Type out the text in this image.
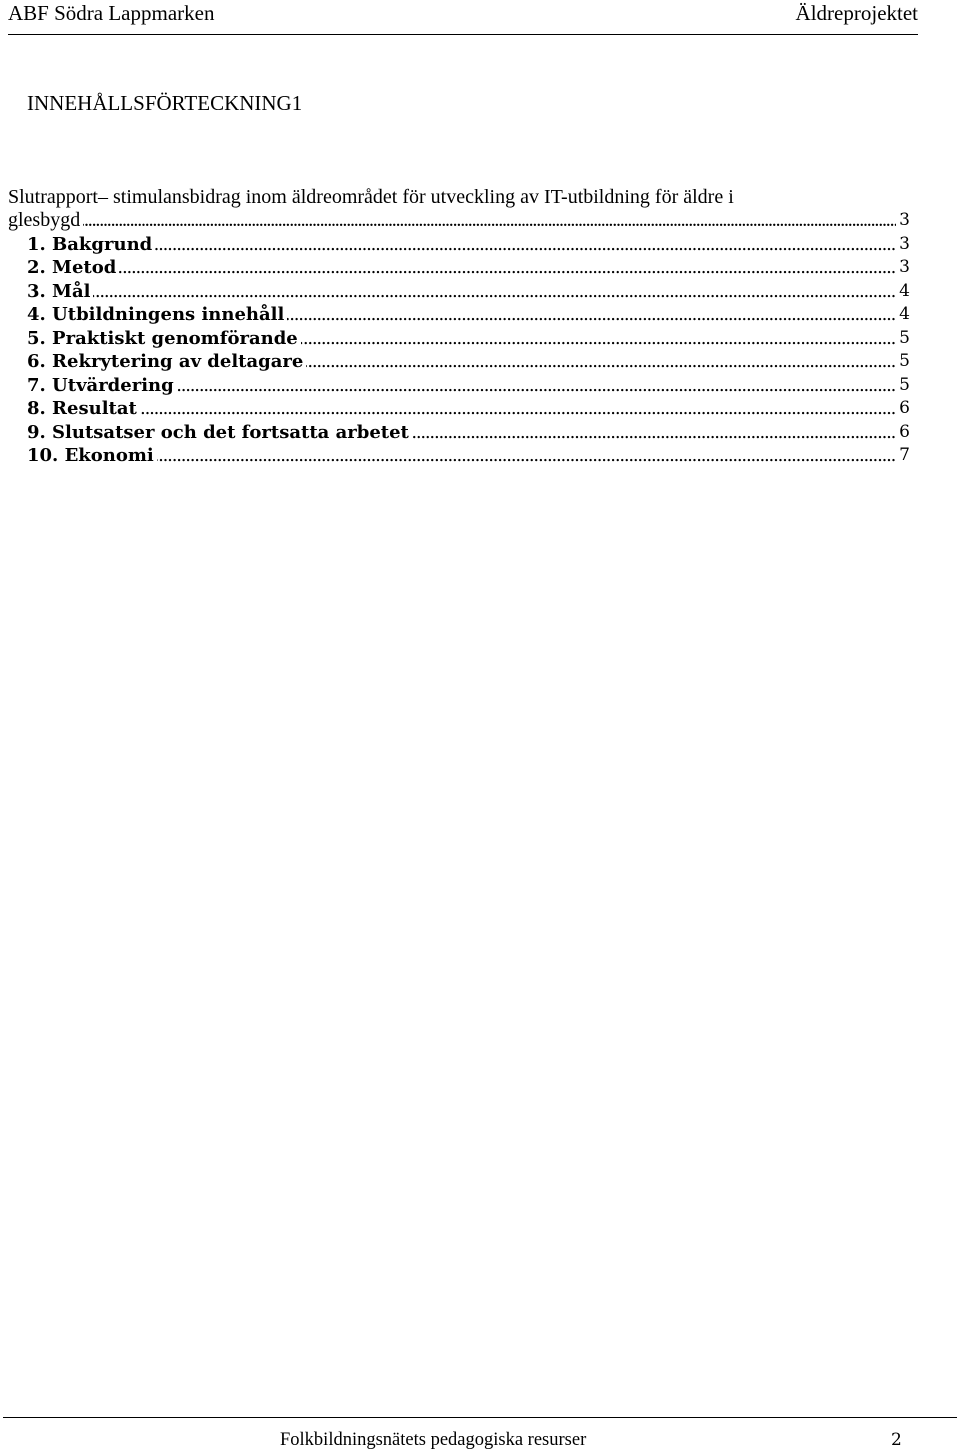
ABF Södra Lappmarken	Äldreprojektet
INNEHÅLLSFÖRTECKNING1
Slutrapport– stimulansbidrag inom äldreområdet för utveckling av IT-utbildning för äldre i
3
glesbygd
3
1. Bakgrund
3
2. Metod
4
3. Mål
4
4. Utbildningens innehåll
5
5. Praktiskt genomförande
5
6. Rekrytering av deltagare
5
7. Utvärdering
6
8. Resultat
6
9. Slutsatser och det fortsatta arbetet
7
10. Ekonomi
Folkbildningsnätets pedagogiska resurser	2
